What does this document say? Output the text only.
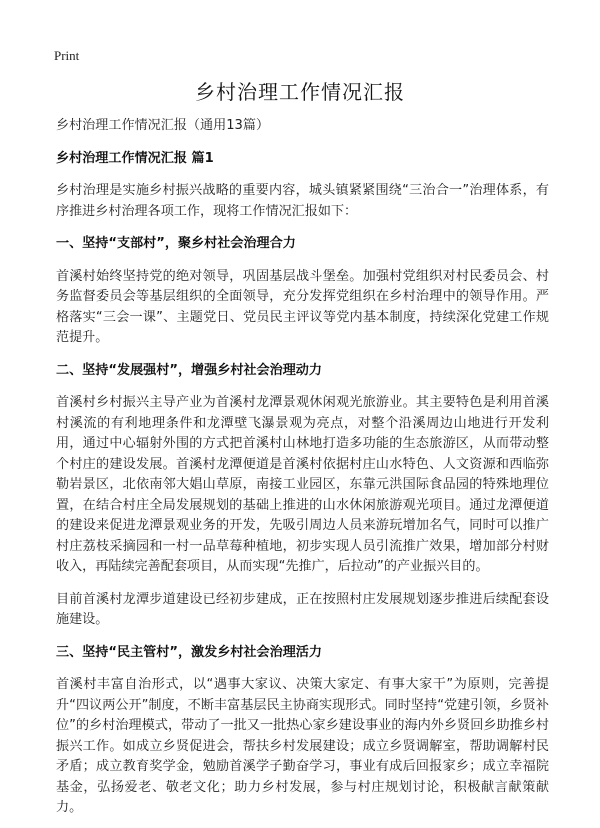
Print
乡村治理工作情况汇报

乡村治理工作情况汇报（通用13篇）

乡村治理工作情况汇报 篇1

乡村治理是实施乡村振兴战略的重要内容，城头镇紧紧围绕“三治合一”治理体系，有序推进乡村治理各项工作，现将工作情况汇报如下：

一、坚持“支部村”，聚乡村社会治理合力

首溪村始终坚持党的绝对领导，巩固基层战斗堡垒。加强村党组织对村民委员会、村务监督委员会等基层组织的全面领导，充分发挥党组织在乡村治理中的领导作用。严格落实“三会一课”、主题党日、党员民主评议等党内基本制度，持续深化党建工作规范提升。

二、坚持“发展强村”，增强乡村社会治理动力

首溪村乡村振兴主导产业为首溪村龙潭景观休闲观光旅游业。其主要特色是利用首溪村溪流的有利地理条件和龙潭壁飞瀑景观为亮点，对整个沿溪周边山地进行开发利用，通过中心辐射外围的方式把首溪村山林地打造多功能的生态旅游区，从而带动整个村庄的建设发展。首溪村龙潭便道是首溪村依据村庄山水特色、人文资源和西临弥勒岩景区，北依南邻大娼山草原，南接工业园区，东靠元洪国际食品园的特殊地理位置，在结合村庄全局发展规划的基础上推进的山水休闲旅游观光项目。通过龙潭便道的建设来促进龙潭景观业务的开发，先吸引周边人员来游玩增加名气，同时可以推广村庄荔枝采摘园和一村一品草莓种植地，初步实现人员引流推广效果，增加部分村财收入，再陆续完善配套项目，从而实现“先推广，后拉动”的产业振兴目的。

目前首溪村龙潭步道建设已经初步建成，正在按照村庄发展规划逐步推进后续配套设施建设。

三、坚持“民主管村”，激发乡村社会治理活力

首溪村丰富自治形式，以“遇事大家议、决策大家定、有事大家干”为原则，完善提升“四议两公开”制度，不断丰富基层民主协商实现形式。同时坚持“党建引领，乡贤补位”的乡村治理模式，带动了一批又一批热心家乡建设事业的海内外乡贤回乡助推乡村振兴工作。如成立乡贤促进会，帮扶乡村发展建设；成立乡贤调解室，帮助调解村民矛盾；成立教育奖学金，勉励首溪学子勤奋学习，事业有成后回报家乡；成立幸福院基金，弘扬爱老、敬老文化；助力乡村发展，参与村庄规划讨论，积极献言献策献力。
